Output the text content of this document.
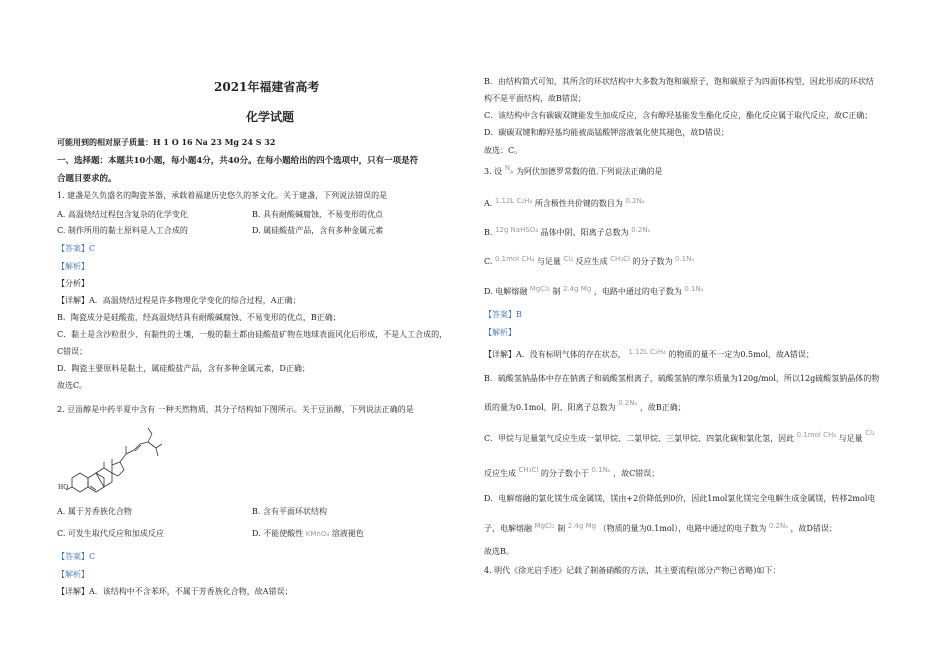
2021年福建省高考
化学试题
可能用到的相对原子质量：H 1 O 16 Na 23 Mg 24 S 32
一、选择题：本题共10小题，每小题4分，共40分。在每小题给出的四个选项中，只有一项是符
合题目要求的。
1. 建盏是久负盛名的陶瓷茶器，承载着福建历史悠久的茶文化。关于建盏，下列说法错误的是
A. 高温烧结过程包含复杂的化学变化	B. 具有耐酸碱腐蚀、不易变形的优点
C. 制作所用的黏土原料是人工合成的	D. 属硅酸盐产品，含有多种金属元素
【答案】C
【解析】
【分析】
【详解】A．高温烧结过程是许多物理化学变化的综合过程，A正确；
B．陶瓷成分是硅酸盐，经高温烧结具有耐酸碱腐蚀、不易变形的优点，B正确；
C．黏土是含沙粒很少、有黏性的土壤，一般的黏土都由硅酸盐矿物在地球表面风化后形成，不是人工合成的，
C错误；
D．陶瓷主要原料是黏土，属硅酸盐产品，含有多种金属元素，D正确；
故选C。
2. 豆甾醇是中药半夏中含有 一种天然物质，其分子结构如下图所示。关于豆甾醇，下列说法正确的是
HO
A. 属于芳香族化合物	B. 含有平面环状结构
C. 可发生取代反应和加成反应	D. 不能使酸性 KMnO₄ 溶液褪色
【答案】C
【解析】
【详解】A．该结构中不含苯环，不属于芳香族化合物，故A错误；
B．由结构简式可知，其所含的环状结构中大多数为饱和碳原子，饱和碳原子为四面体构型，因此形成的环状结
构不是平面结构，故B错误；
C．该结构中含有碳碳双键能发生加成反应，含有醇羟基能发生酯化反应，酯化反应属于取代反应，故C正确；
D．碳碳双键和醇羟基均能被高锰酸钾溶液氧化使其褪色，故D错误；
故选：C。
3. 设 NA 为阿伏加德罗常数的值.下列说法正确的是
A. 1.12L C₂H₄ 所含极性共价键的数目为 0.2Nₐ
B. 12g NaHSO₄ 晶体中阴、阳离子总数为 0.2Nₐ
C. 0.1mol CH₄ 与足量 Cl₂ 反应生成 CH₃Cl 的分子数为 0.1Nₐ
D. 电解熔融 MgCl₂ 制 2.4g Mg ，电路中通过的电子数为 0.1Nₐ
【答案】B
【解析】
【详解】A．没有标明气体的存在状态， 1.12L C₂H₄ 的物质的量不一定为0.5mol，故A错误；
B．硫酸氢钠晶体中存在钠离子和硫酸氢根离子，硫酸氢钠的摩尔质量为120g/mol，所以12g硫酸氢钠晶体的物
质的量为0.1mol，阴、阳离子总数为 0.2Nₐ ，故B正确；
C．甲烷与足量氯气反应生成一氯甲烷、二氯甲烷、三氯甲烷、四氯化碳和氯化氢，因此 0.1mol CH₄ 与足量 Cl₂
反应生成 CH₃Cl 的分子数小于 0.1Nₐ ，故C错误；
D．电解熔融的氯化镁生成金属镁，镁由+2价降低到0价，因此1mol氯化镁完全电解生成金属镁，转移2mol电
子，电解熔融 MgCl₂ 制 2.4g Mg （物质的量为0.1mol），电路中通过的电子数为 0.2Nₐ ，故D错误；
故选B。
4. 明代《徐光启手迹》记载了制备硝酸的方法，其主要流程(部分产物已省略)如下：
